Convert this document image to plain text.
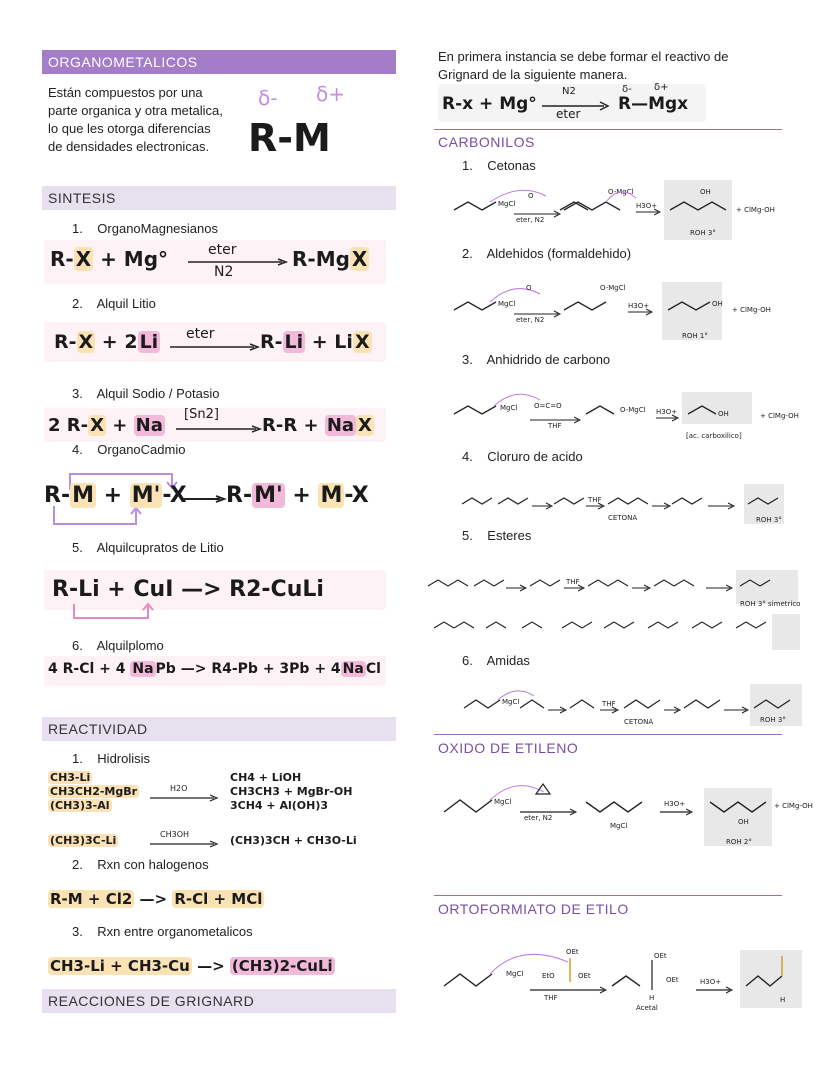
ORGANOMETALICOS
Están compuestos por una parte organica y otra metalica, lo que les otorga diferencias de densidades electronicas.
δ- δ+
R-M
SINTESIS
1. OrganoMagnesianos
R- X + Mg°	eter
N2
R-Mg X
2. Alquil Litio
R- X + 2 Li eter R- Li + Li X
3. Alquil Sodio / Potasio
2 R- X + Na
[Sn2]
R-R + Na X
4. OrganoCadmio
R-M + M'-X R-M' + M-X
5. Alquilcupratos de Litio
R-Li + CuI —> R2-CuLi
6. Alquilplomo
4 R-Cl + 4 Na Pb —> R4-Pb + 3Pb + 4 Na Cl
REACTIVIDAD
1. Hidrolisis
CH3-Li
CH3CH2-MgBr
(CH3)3-Al
H2O
CH4 + LiOH
CH3CH3 + MgBr-OH
3CH4 + Al(OH)3
(CH3)3C-Li	CH3OH	(CH3)3CH + CH3O-Li
2. Rxn con halogenos
R-M + Cl2 —> R-Cl + MCl
3. Rxn entre organometalicos
CH3-Li + CH3-Cu —> (CH3)2-CuLi
REACCIONES DE GRIGNARD
En primera instancia se debe formar el reactivo de Grignard de la siguiente manera.
R-x + Mg°
N2
eter
δ- δ+
R—Mgx
CARBONILOS
1. Cetonas
MgCl
O
eter, N2
O-MgCl
H3O+
OH
ROH 3°
+ ClMg-OH
2. Aldehidos (formaldehido)
MgCl
O
eter, N2
O-MgCl
H3O+	OH
ROH 1°
+ ClMg-OH
3. Anhidrido de carbono
MgCl O=C=O
THF
O-MgCl H3O+	OH
[ac. carboxilico]
+ ClMg-OH
4. Cloruro de acido
THF
CETONA	ROH 3°
5. Esteres
THF
ROH 3° simetrico
6. Amidas
MgCl	THF
CETONA	ROH 3°
OXIDO DE ETILENO
MgCl
eter, N2
MgCl
H3O+
OH
ROH 2°
+ ClMg-OH
ORTOFORMIATO DE ETILO
MgCl	EtO
OEt
OEt
THF
OEt
OEt
H
Acetal
H3O+
H
